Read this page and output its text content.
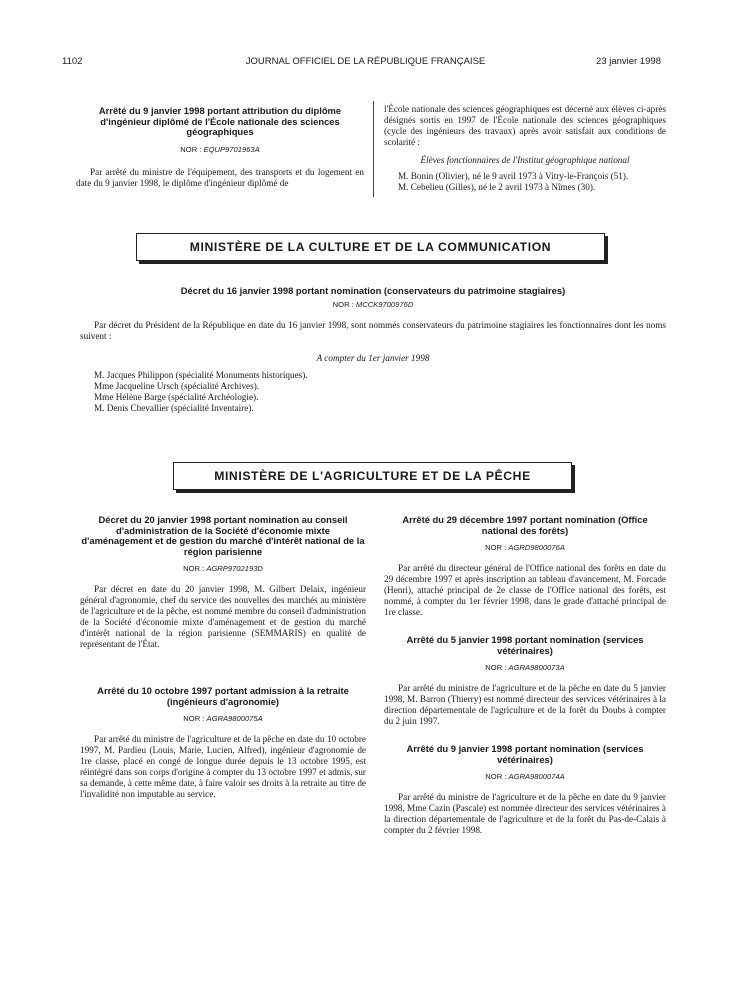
1102	JOURNAL OFFICIEL DE LA RÉPUBLIQUE FRANÇAISE	23 janvier 1998

Arrêté du 9 janvier 1998 portant attribution du diplôme d'ingénieur diplômé de l'École nationale des sciences géographiques

NOR : EQUP9701963A

Par arrêté du ministre de l'équipement, des transports et du logement en date du 9 janvier 1998, le diplôme d'ingénieur diplômé de

l'École nationale des sciences géographiques est décerné aux élèves ci-après désignés sortis en 1997 de l'École nationale des sciences géographiques (cycle des ingénieurs des travaux) après avoir satisfait aux conditions de scolarité :

Élèves fonctionnaires de l'Institut géographique national

M. Bonin (Olivier), né le 9 avril 1973 à Vitry-le-François (51).

M. Cebelieu (Gilles), né le 2 avril 1973 à Nîmes (30).

MINISTÈRE DE LA CULTURE ET DE LA COMMUNICATION

Décret du 16 janvier 1998 portant nomination (conservateurs du patrimoine stagiaires)

NOR : MCCK9700976D

Par décret du Président de la République en date du 16 janvier 1998, sont nommés conservateurs du patrimoine stagiaires les fonctionnaires dont les noms suivent :

A compter du 1er janvier 1998

M. Jacques Philippon (spécialité Monuments historiques).

Mme Jacqueline Ursch (spécialité Archives).

Mme Hélène Barge (spécialité Archéologie).

M. Denis Chevallier (spécialité Inventaire).

MINISTÈRE DE L'AGRICULTURE ET DE LA PÊCHE

Décret du 20 janvier 1998 portant nomination au conseil d'administration de la Société d'économie mixte d'aménagement et de gestion du marché d'intérêt national de la région parisienne

NOR : AGRP9702193D

Par décret en date du 20 janvier 1998, M. Gilbert Delaix, ingénieur général d'agronomie, chef du service des nouvelles des marchés au ministère de l'agriculture et de la pêche, est nommé membre du conseil d'administration de la Société d'économie mixte d'aménagement et de gestion du marché d'intérêt national de la région parisienne (SEMMARIS) en qualité de représentant de l'État.

Arrêté du 10 octobre 1997 portant admission à la retraite (ingénieurs d'agronomie)

NOR : AGRA9800075A

Par arrêté du ministre de l'agriculture et de la pêche en date du 10 octobre 1997, M. Pardieu (Louis, Marie, Lucien, Alfred), ingénieur d'agronomie de 1re classe, placé en congé de longue durée depuis le 13 octobre 1995, est réintégré dans son corps d'origine à compter du 13 octobre 1997 et admis, sur sa demande, à cette même date, à faire valoir ses droits à la retraite au titre de l'invalidité non imputable au service.

Arrêté du 29 décembre 1997 portant nomination (Office national des forêts)

NOR : AGRD9800076A

Par arrêté du directeur général de l'Office national des forêts en date du 29 décembre 1997 et après inscription au tableau d'avancement, M. Forcade (Henri), attaché principal de 2e classe de l'Office national des forêts, est nommé, à compter du 1er février 1998, dans le grade d'attaché principal de 1re classe.

Arrêté du 5 janvier 1998 portant nomination (services vétérinaires)

NOR : AGRA9800073A

Par arrêté du ministre de l'agriculture et de la pêche en date du 5 janvier 1998, M. Barron (Thierry) est nommé directeur des services vétérinaires à la direction départementale de l'agriculture et de la forêt du Doubs à compter du 2 juin 1997.

Arrêté du 9 janvier 1998 portant nomination (services vétérinaires)

NOR : AGRA9800074A

Par arrêté du ministre de l'agriculture et de la pêche en date du 9 janvier 1998, Mme Cazin (Pascale) est nommée directeur des services vétérinaires à la direction départementale de l'agriculture et de la forêt du Pas-de-Calais à compter du 2 février 1998.
